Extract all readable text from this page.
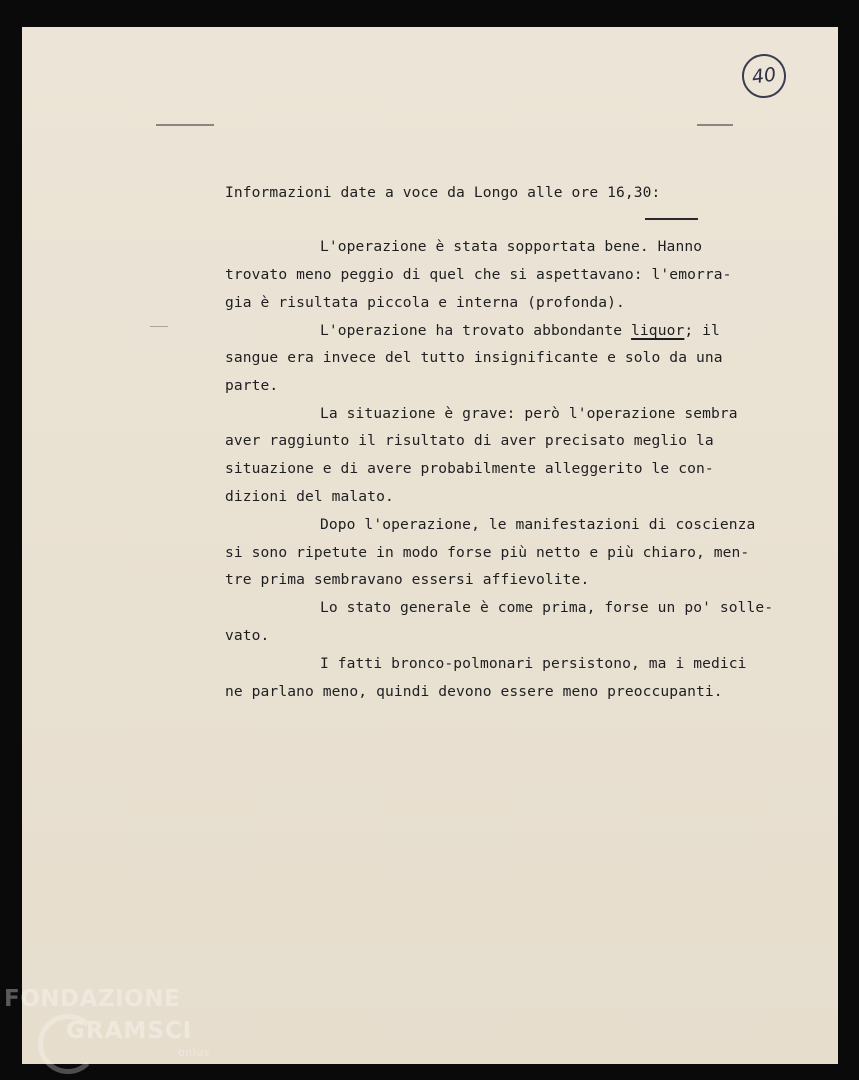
40
Informazioni date a voce da Longo alle ore 16,30:
L'operazione è stata sopportata bene. Hanno
trovato meno peggio di quel che si aspettavano: l'emorra-
gia è risultata piccola e interna (profonda).
L'operazione ha trovato abbondante liquor; il
sangue era invece del tutto insignificante e solo da una
parte.
La situazione è grave: però l'operazione sembra
aver raggiunto il risultato di aver precisato meglio la
situazione e di avere probabilmente alleggerito le con-
dizioni del malato.
Dopo l'operazione, le manifestazioni di coscienza
si sono ripetute in modo forse più netto e più chiaro, men-
tre prima sembravano essersi affievolite.
Lo stato generale è come prima, forse un po' solle-
vato.
I fatti bronco-polmonari persistono, ma i medici
ne parlano meno, quindi devono essere meno preoccupanti.
FONDAZIONE
GRAMSCI
onlus
